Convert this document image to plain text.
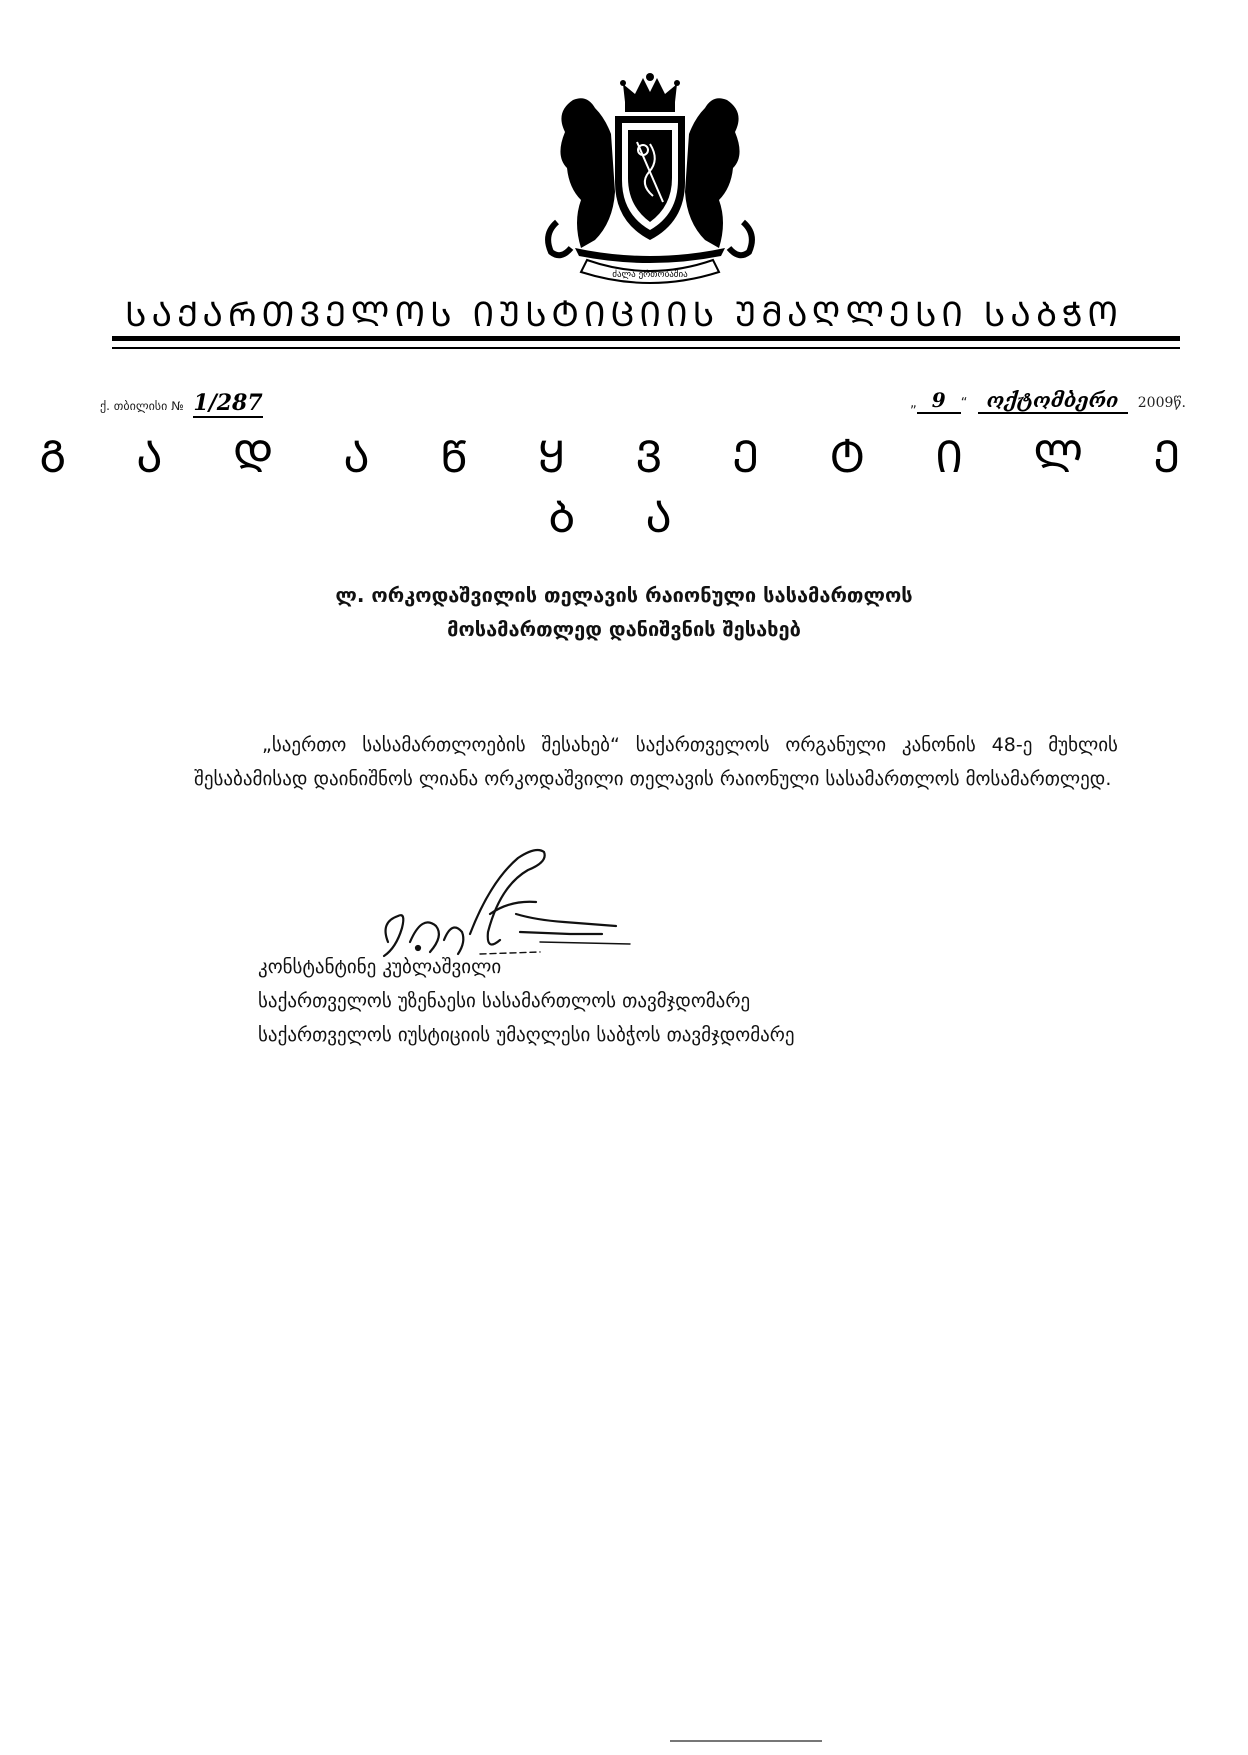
ძალა ერთობაშია
ᲡᲐᲥᲐᲠᲗᲕᲔᲚᲝᲡ ᲘᲣᲡᲢᲘᲪᲘᲘᲡ ᲣᲛᲐᲦᲚᲔᲡᲘ ᲡᲐᲑᲭᲝ
ქ. თბილისი № 1/287	„ 9 “ ოქტომბერი 2009წ.
Გ Ა Დ Ა Წ Ყ Ვ Ე Ტ Ი Ლ Ე Ბ Ა
ლ. ორკოდაშვილის თელავის რაიონული სასამართლოს
მოსამართლედ დანიშვნის შესახებ

„საერთო სასამართლოების შესახებ“ საქართველოს ორგანული კანონის 48-ე მუხლის შესაბამისად დაინიშნოს ლიანა ორკოდაშვილი თელავის რაიონული სასამართლოს მოსამართლედ.

კონსტანტინე კუბლაშვილი
საქართველოს უზენაესი სასამართლოს თავმჯდომარე
საქართველოს იუსტიციის უმაღლესი საბჭოს თავმჯდომარე
